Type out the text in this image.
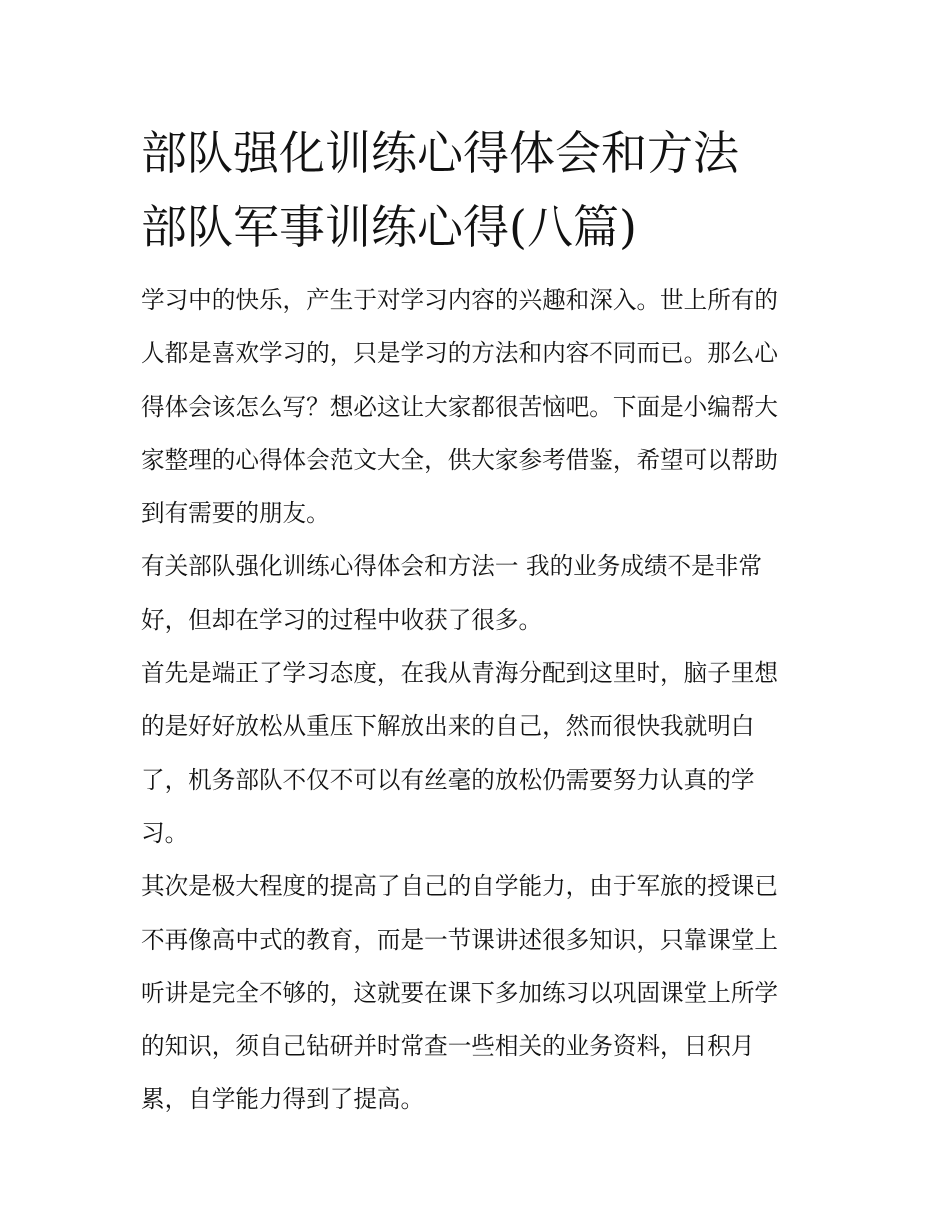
部队强化训练心得体会和方法
部队军事训练心得(八篇)

学习中的快乐，产生于对学习内容的兴趣和深入。世上所有的
人都是喜欢学习的，只是学习的方法和内容不同而已。那么心
得体会该怎么写？想必这让大家都很苦恼吧。下面是小编帮大
家整理的心得体会范文大全，供大家参考借鉴，希望可以帮助
到有需要的朋友。

有关部队强化训练心得体会和方法一 我的业务成绩不是非常
好，但却在学习的过程中收获了很多。

首先是端正了学习态度，在我从青海分配到这里时，脑子里想
的是好好放松从重压下解放出来的自己，然而很快我就明白
了，机务部队不仅不可以有丝毫的放松仍需要努力认真的学
习。

其次是极大程度的提高了自己的自学能力，由于军旅的授课已
不再像高中式的教育，而是一节课讲述很多知识，只靠课堂上
听讲是完全不够的，这就要在课下多加练习以巩固课堂上所学
的知识，须自己钻研并时常查一些相关的业务资料，日积月
累，自学能力得到了提高。
